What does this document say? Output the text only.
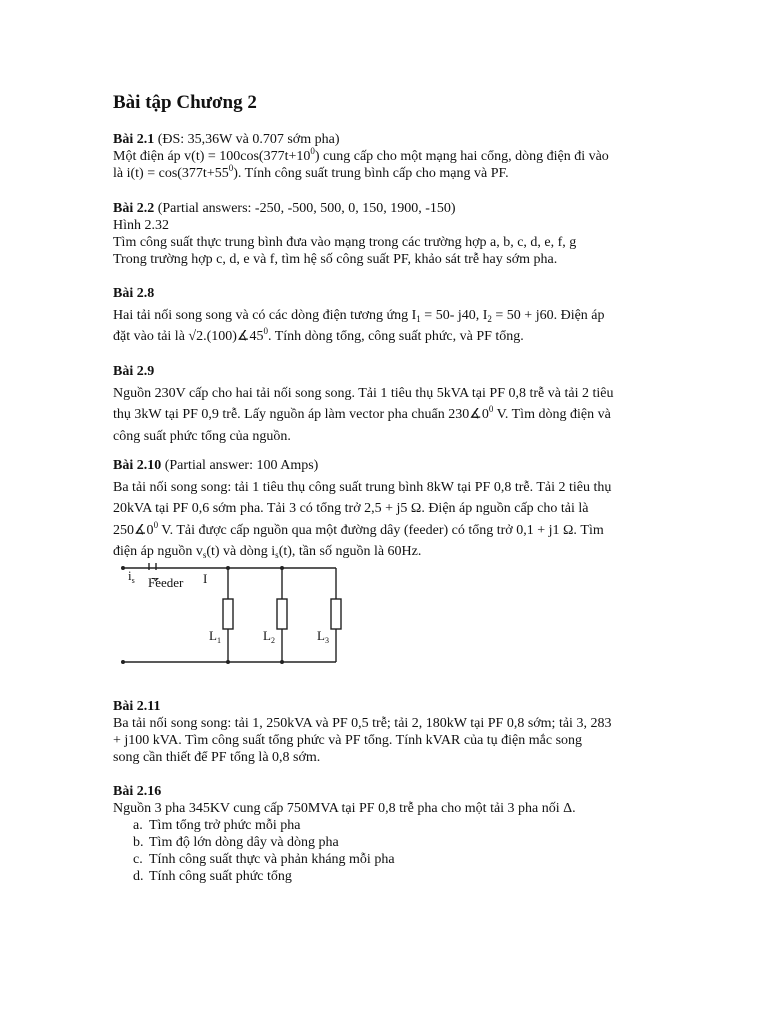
Bài tập Chương 2
Bài 2.1 (ĐS: 35,36W và 0.707 sớm pha)
Một điện áp $v(t) = 100\cos(377t+10^0)$ cung cấp cho một mạng hai cổng, dòng điện đi vào
là $i(t) = \cos(377t+55^0)$. Tính công suất trung bình cấp cho mạng và PF.
Bài 2.2 (Partial answers: -250, -500, 500, 0, 150, 1900, -150)
Hình 2.32
Tìm công suất thực trung bình đưa vào mạng trong các trường hợp a, b, c, d, e, f, g
Trong trường hợp c, d, e và f, tìm hệ số công suất PF, khảo sát trễ hay sớm pha.
Bài 2.8
Hai tải nối song song và có các dòng điện tương ứng $I_1 = 50-$ j40, $I_2 = 50 + j60$. Điện áp
đặt vào tải là $√2.(100)∡45^0$. Tính dòng tổng, công suất phức, và PF tổng.
Bài 2.9
Nguồn 230V cấp cho hai tải nối song song. Tải 1 tiêu thụ 5kVA tại PF 0,8 trễ và tải 2 tiêu
thụ 3kW tại PF 0,9 trễ. Lấy nguồn áp làm vector pha chuẩn $230∡0^0$ V. Tìm dòng điện và
công suất phức tổng của nguồn.
Bài 2.10 (Partial answer: 100 Amps)
Ba tải nối song song: tải 1 tiêu thụ công suất trung bình 8kW tại PF 0,8 trễ. Tải 2 tiêu thụ
20kVA tại PF 0,6 sớm pha. Tải 3 có tổng trở 2,5 + j5 Ω. Điện áp nguồn cấp cho tải là
$250∡0^0$ V. Tải được cấp nguồn qua một đường dây (feeder) có tổng trở 0,1 + j1 Ω. Tìm
điện áp nguồn $v_s(t)$ và dòng $i_s(t)$, tần số nguồn là 60Hz.
$i_s$ Feeder I
$L_1$	$L_2$	$L_3$
Bài 2.11
Ba tải nối song song: tải 1, 250kVA và PF 0,5 trễ; tải 2, 180kW tại PF 0,8 sớm; tải 3, 283
+ j100 kVA. Tìm công suất tổng phức và PF tổng. Tính kVAR của tụ điện mắc song
song cần thiết để PF tổng là 0,8 sớm.
Bài 2.16
Nguồn 3 pha 345KV cung cấp 750MVA tại PF 0,8 trễ pha cho một tải 3 pha nối Δ.
a. Tìm tổng trở phức mỗi pha
b. Tìm độ lớn dòng dây và dòng pha
c. Tính công suất thực và phản kháng mỗi pha
d. Tính công suất phức tổng
